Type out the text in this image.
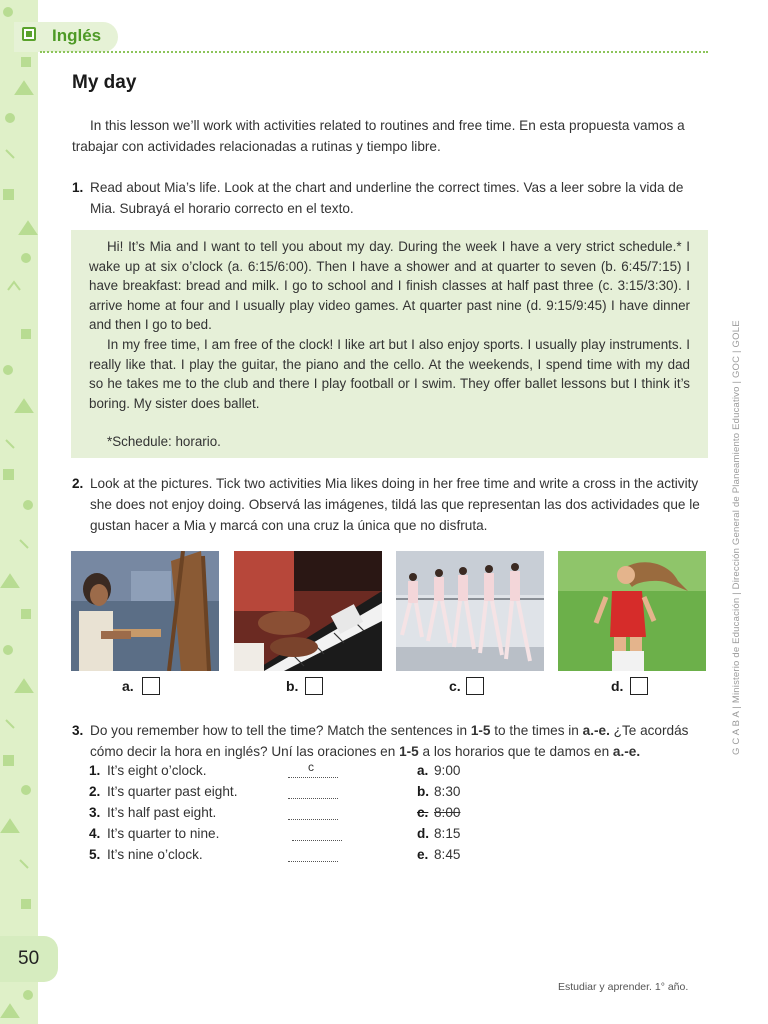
Inglés
My day
In this lesson we’ll work with activities related to routines and free time. En esta propuesta vamos a trabajar con actividades relacionadas a rutinas y tiempo libre.
1. Read about Mia’s life. Look at the chart and underline the correct times. Vas a leer sobre la vida de Mia. Subrayá el horario correcto en el texto.

Hi! It’s Mia and I want to tell you about my day. During the week I have a very strict schedule.* I wake up at six o’clock (a. 6:15/6:00). Then I have a shower and at quarter to seven (b. 6:45/7:15) I have breakfast: bread and milk. I go to school and I finish classes at half past three (c. 3:15/3:30). I arrive home at four and I usually play video games. At quarter past nine (d. 9:15/9:45) I have dinner and then I go to bed.

In my free time, I am free of the clock! I like art but I also enjoy sports. I usually play instruments. I really like that. I play the guitar, the piano and the cello. At the weekends, I spend time with my dad so he takes me to the club and there I play football or I swim. They offer ballet lessons but I think it’s boring. My sister does ballet.

*Schedule: horario.

2. Look at the pictures. Tick two activities Mia likes doing in her free time and write a cross in the activity she does not enjoy doing. Observá las imágenes, tildá las que representan las dos actividades que le gustan hacer a Mia y marcá con una cruz la única que no disfruta.
a.	b.	c.	d.
3. Do you remember how to tell the time? Match the sentences in 1-5 to the times in a.-e. ¿Te acordás cómo decir la hora en inglés? Uní las oraciones en 1-5 a los horarios que te damos en a.-e.
1. It’s eight o’clock.	c	a. 9:00
2. It’s quarter past eight.	b. 8:30
3. It’s half past eight.	c. 8:00
4. It’s quarter to nine.	d. 8:15
5. It’s nine o’clock.	e. 8:45
G C A B A | Ministerio de Educación | Dirección General de Planeamiento Educativo | GOC | GOLE
50
Estudiar y aprender. 1° año.
